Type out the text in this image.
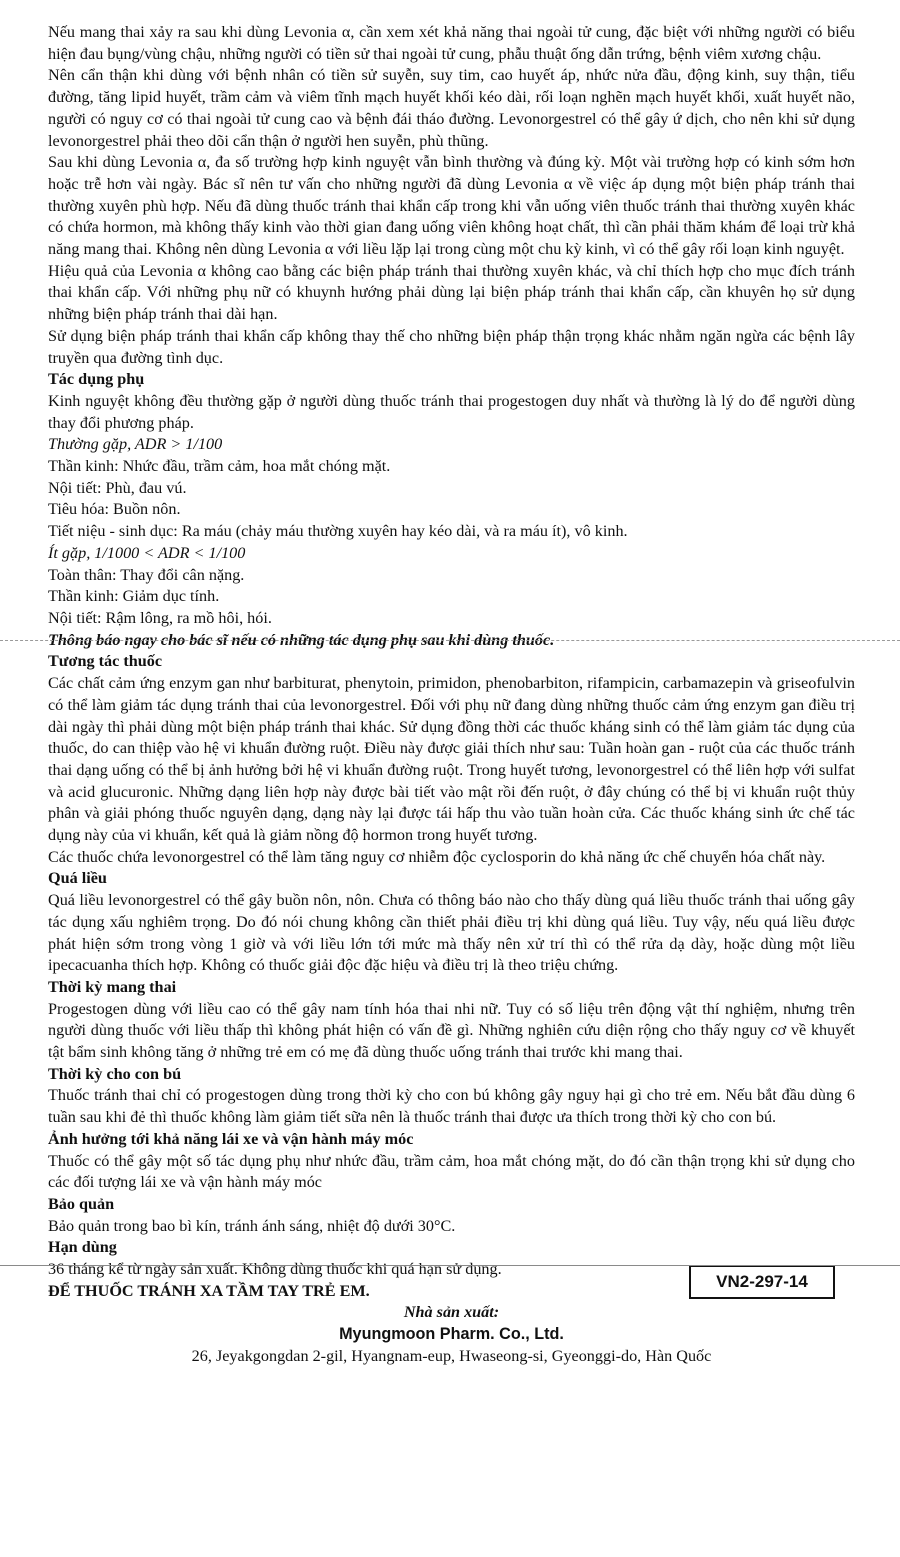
Nếu mang thai xảy ra sau khi dùng Levonia α, cần xem xét khả năng thai ngoài tử cung, đặc biệt với những người có biểu hiện đau bụng/vùng chậu, những người có tiền sử thai ngoài tử cung, phẫu thuật ống dẫn trứng, bệnh viêm xương chậu.

Nên cẩn thận khi dùng với bệnh nhân có tiền sử suyễn, suy tim, cao huyết áp, nhức nửa đầu, động kinh, suy thận, tiểu đường, tăng lipid huyết, trầm cảm và viêm tĩnh mạch huyết khối kéo dài, rối loạn nghẽn mạch huyết khối, xuất huyết não, người có nguy cơ có thai ngoài tử cung cao và bệnh đái tháo đường. Levonorgestrel có thể gây ứ dịch, cho nên khi sử dụng levonorgestrel phải theo dõi cẩn thận ở người hen suyễn, phù thũng.

Sau khi dùng Levonia α, đa số trường hợp kinh nguyệt vẫn bình thường và đúng kỳ. Một vài trường hợp có kinh sớm hơn hoặc trễ hơn vài ngày. Bác sĩ nên tư vấn cho những người đã dùng Levonia α về việc áp dụng một biện pháp tránh thai thường xuyên phù hợp. Nếu đã dùng thuốc tránh thai khẩn cấp trong khi vẫn uống viên thuốc tránh thai thường xuyên khác có chứa hormon, mà không thấy kinh vào thời gian đang uống viên không hoạt chất, thì cần phải thăm khám để loại trừ khả năng mang thai. Không nên dùng Levonia α với liều lặp lại trong cùng một chu kỳ kinh, vì có thể gây rối loạn kinh nguyệt.

Hiệu quả của Levonia α không cao bằng các biện pháp tránh thai thường xuyên khác, và chỉ thích hợp cho mục đích tránh thai khẩn cấp. Với những phụ nữ có khuynh hướng phải dùng lại biện pháp tránh thai khẩn cấp, cần khuyên họ sử dụng những biện pháp tránh thai dài hạn.

Sử dụng biện pháp tránh thai khẩn cấp không thay thế cho những biện pháp thận trọng khác nhằm ngăn ngừa các bệnh lây truyền qua đường tình dục.

Tác dụng phụ

Kinh nguyệt không đều thường gặp ở người dùng thuốc tránh thai progestogen duy nhất và thường là lý do để người dùng thay đổi phương pháp.

Thường gặp, ADR > 1/100

Thần kinh: Nhức đầu, trầm cảm, hoa mắt chóng mặt.

Nội tiết: Phù, đau vú.

Tiêu hóa: Buồn nôn.

Tiết niệu - sinh dục: Ra máu (chảy máu thường xuyên hay kéo dài, và ra máu ít), vô kinh.

Ít gặp, 1/1000 < ADR < 1/100

Toàn thân: Thay đổi cân nặng.

Thần kinh: Giảm dục tính.

Nội tiết: Rậm lông, ra mồ hôi, hói.

Thông báo ngay cho bác sĩ nếu có những tác dụng phụ sau khi dùng thuốc.

Tương tác thuốc

Các chất cảm ứng enzym gan như barbiturat, phenytoin, primidon, phenobarbiton, rifampicin, carbamazepin và griseofulvin có thể làm giảm tác dụng tránh thai của levonorgestrel. Đối với phụ nữ đang dùng những thuốc cảm ứng enzym gan điều trị dài ngày thì phải dùng một biện pháp tránh thai khác. Sử dụng đồng thời các thuốc kháng sinh có thể làm giảm tác dụng của thuốc, do can thiệp vào hệ vi khuẩn đường ruột. Điều này được giải thích như sau: Tuần hoàn gan - ruột của các thuốc tránh thai dạng uống có thể bị ảnh hưởng bởi hệ vi khuẩn đường ruột. Trong huyết tương, levonorgestrel có thể liên hợp với sulfat và acid glucuronic. Những dạng liên hợp này được bài tiết vào mật rồi đến ruột, ở đây chúng có thể bị vi khuẩn ruột thủy phân và giải phóng thuốc nguyên dạng, dạng này lại được tái hấp thu vào tuần hoàn cửa. Các thuốc kháng sinh ức chế tác dụng này của vi khuẩn, kết quả là giảm nồng độ hormon trong huyết tương.

Các thuốc chứa levonorgestrel có thể làm tăng nguy cơ nhiễm độc cyclosporin do khả năng ức chế chuyển hóa chất này.

Quá liều

Quá liều levonorgestrel có thể gây buồn nôn, nôn. Chưa có thông báo nào cho thấy dùng quá liều thuốc tránh thai uống gây tác dụng xấu nghiêm trọng. Do đó nói chung không cần thiết phải điều trị khi dùng quá liều. Tuy vậy, nếu quá liều được phát hiện sớm trong vòng 1 giờ và với liều lớn tới mức mà thấy nên xử trí thì có thể rửa dạ dày, hoặc dùng một liều ipecacuanha thích hợp. Không có thuốc giải độc đặc hiệu và điều trị là theo triệu chứng.

Thời kỳ mang thai

Progestogen dùng với liều cao có thể gây nam tính hóa thai nhi nữ. Tuy có số liệu trên động vật thí nghiệm, nhưng trên người dùng thuốc với liều thấp thì không phát hiện có vấn đề gì. Những nghiên cứu diện rộng cho thấy nguy cơ về khuyết tật bẩm sinh không tăng ở những trẻ em có mẹ đã dùng thuốc uống tránh thai trước khi mang thai.

Thời kỳ cho con bú

Thuốc tránh thai chỉ có progestogen dùng trong thời kỳ cho con bú không gây nguy hại gì cho trẻ em. Nếu bắt đầu dùng 6 tuần sau khi đẻ thì thuốc không làm giảm tiết sữa nên là thuốc tránh thai được ưa thích trong thời kỳ cho con bú.

Ảnh hưởng tới khả năng lái xe và vận hành máy móc

Thuốc có thể gây một số tác dụng phụ như nhức đầu, trầm cảm, hoa mắt chóng mặt, do đó cần thận trọng khi sử dụng cho các đối tượng lái xe và vận hành máy móc

Bảo quản

Bảo quản trong bao bì kín, tránh ánh sáng, nhiệt độ dưới 30°C.

Hạn dùng

36 tháng kể từ ngày sản xuất. Không dùng thuốc khi quá hạn sử dụng.

ĐỂ THUỐC TRÁNH XA TẦM TAY TRẺ EM.	VN2-297-14

Nhà sản xuất:

Myungmoon Pharm. Co., Ltd.

26, Jeyakgongdan 2-gil, Hyangnam-eup, Hwaseong-si, Gyeonggi-do, Hàn Quốc
